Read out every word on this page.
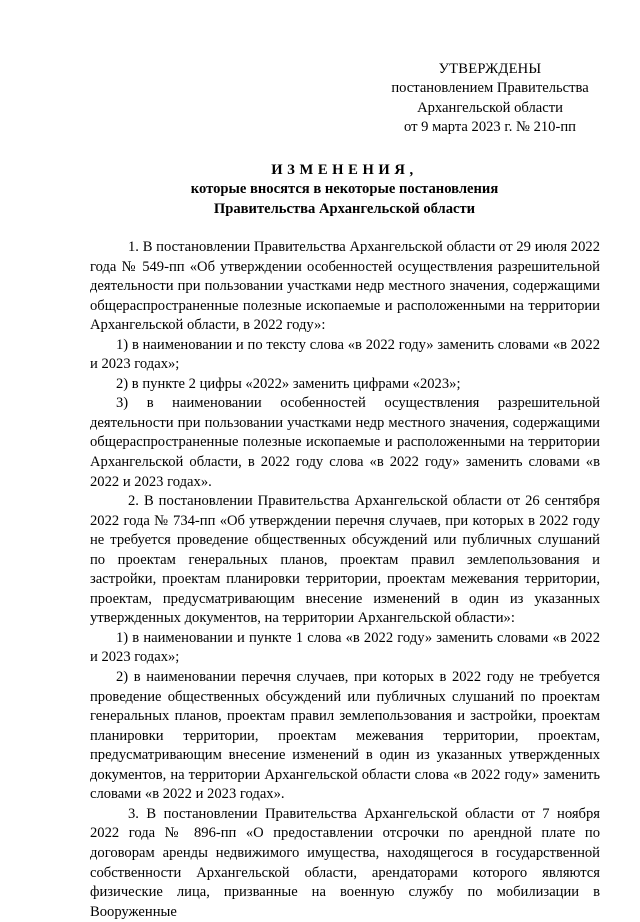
УТВЕРЖДЕНЫ
постановлением Правительства
Архангельской области
от 9 марта 2023 г. № 210-пп
ИЗМЕНЕНИЯ,
которые вносятся в некоторые постановления
Правительства Архангельской области

1. В постановлении Правительства Архангельской области от 29 июля 2022 года № 549-пп «Об утверждении особенностей осуществления разрешительной деятельности при пользовании участками недр местного значения, содержащими общераспространенные полезные ископаемые и расположенными на территории Архангельской области, в 2022 году»:

1) в наименовании и по тексту слова «в 2022 году» заменить словами «в 2022 и 2023 годах»;

2) в пункте 2 цифры «2022» заменить цифрами «2023»;

3) в наименовании особенностей осуществления разрешительной деятельности при пользовании участками недр местного значения, содержащими общераспространенные полезные ископаемые и расположенными на территории Архангельской области, в 2022 году слова «в 2022 году» заменить словами «в 2022 и 2023 годах».

2. В постановлении Правительства Архангельской области от 26 сентября 2022 года № 734-пп «Об утверждении перечня случаев, при которых в 2022 году не требуется проведение общественных обсуждений или публичных слушаний по проектам генеральных планов, проектам правил землепользования и застройки, проектам планировки территории, проектам межевания территории, проектам, предусматривающим внесение изменений в один из указанных утвержденных документов, на территории Архангельской области»:

1) в наименовании и пункте 1 слова «в 2022 году» заменить словами «в 2022 и 2023 годах»;

2) в наименовании перечня случаев, при которых в 2022 году не требуется проведение общественных обсуждений или публичных слушаний по проектам генеральных планов, проектам правил землепользования и застройки, проектам планировки территории, проектам межевания территории, проектам, предусматривающим внесение изменений в один из указанных утвержденных документов, на территории Архангельской области слова «в 2022 году» заменить словами «в 2022 и 2023 годах».

3. В постановлении Правительства Архангельской области от 7 ноября 2022 года № 896-пп «О предоставлении отсрочки по арендной плате по договорам аренды недвижимого имущества, находящегося в государственной собственности Архангельской области, арендаторами которого являются физические лица, призванные на военную службу по мобилизации в Вооруженные
